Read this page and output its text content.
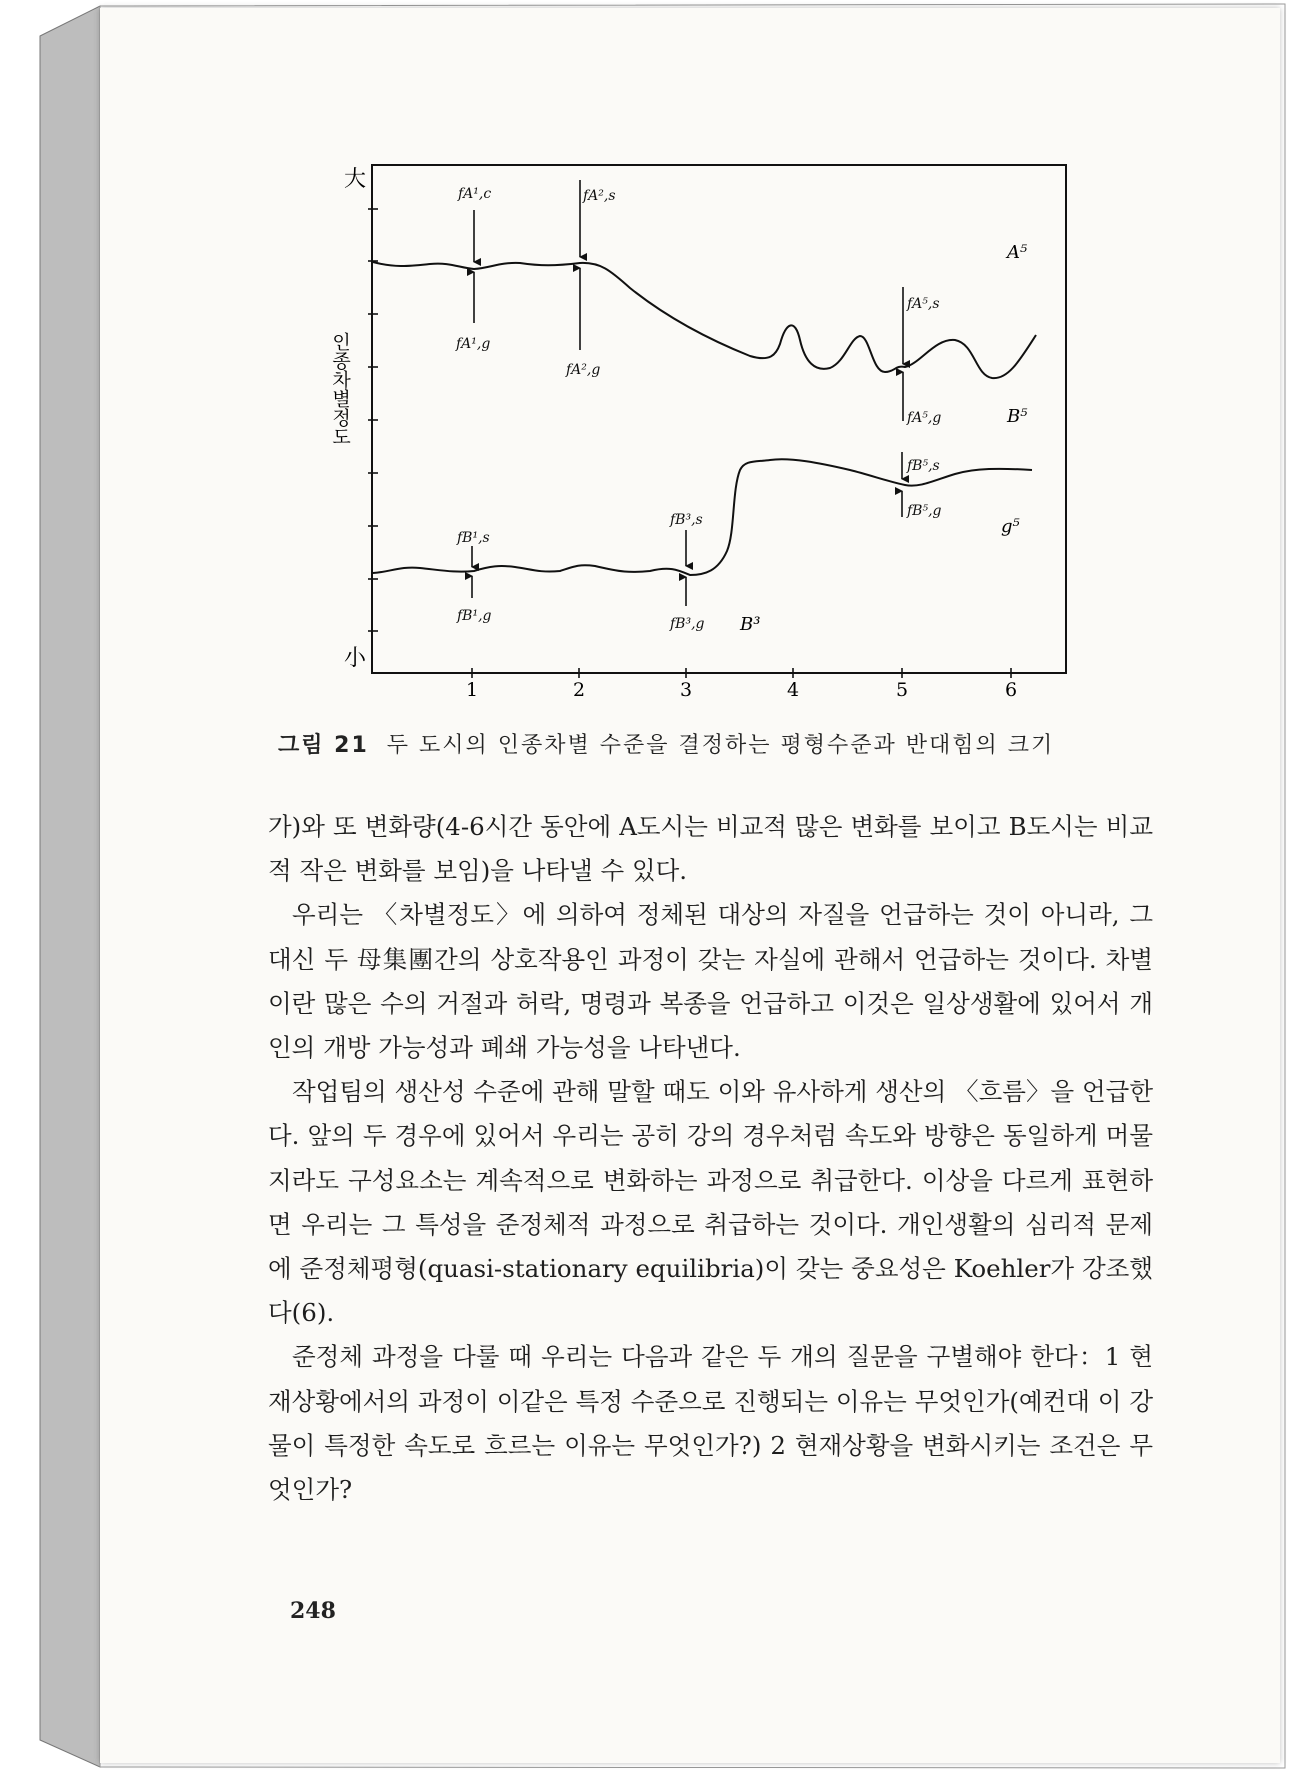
大
小
인종차별정도
1	2	3	4	5	6
A⁵
B⁵
g⁵
B³
fA¹,c
fA¹,g
fA²,s
fA²,g
fA⁵,s
fA⁵,g
fB⁵,s
fB⁵,g
fB¹,s
fB¹,g
fB³,s
fB³,g
그림 21 두 도시의 인종차별 수준을 결정하는 평형수준과 반대힘의 크기

가)와 또 변화량(4-6시간 동안에 A도시는 비교적 많은 변화를 보이고 B도시는 비교적 작은 변화를 보임)을 나타낼 수 있다.

우리는 〈차별정도〉에 의하여 정체된 대상의 자질을 언급하는 것이 아니라, 그 대신 두 母集團간의 상호작용인 과정이 갖는 자실에 관해서 언급하는 것이다. 차별이란 많은 수의 거절과 허락, 명령과 복종을 언급하고 이것은 일상생활에 있어서 개인의 개방 가능성과 폐쇄 가능성을 나타낸다.

작업팀의 생산성 수준에 관해 말할 때도 이와 유사하게 생산의 〈흐름〉을 언급한다. 앞의 두 경우에 있어서 우리는 공히 강의 경우처럼 속도와 방향은 동일하게 머물지라도 구성요소는 계속적으로 변화하는 과정으로 취급한다. 이상을 다르게 표현하면 우리는 그 특성을 준정체적 과정으로 취급하는 것이다. 개인생활의 심리적 문제에 준정체평형(quasi-stationary equilibria)이 갖는 중요성은 Koehler가 강조했다(6).

준정체 과정을 다룰 때 우리는 다음과 같은 두 개의 질문을 구별해야 한다：1 현재상황에서의 과정이 이같은 특정 수준으로 진행되는 이유는 무엇인가(예컨대 이 강물이 특정한 속도로 흐르는 이유는 무엇인가?) 2 현재상황을 변화시키는 조건은 무엇인가?

248
